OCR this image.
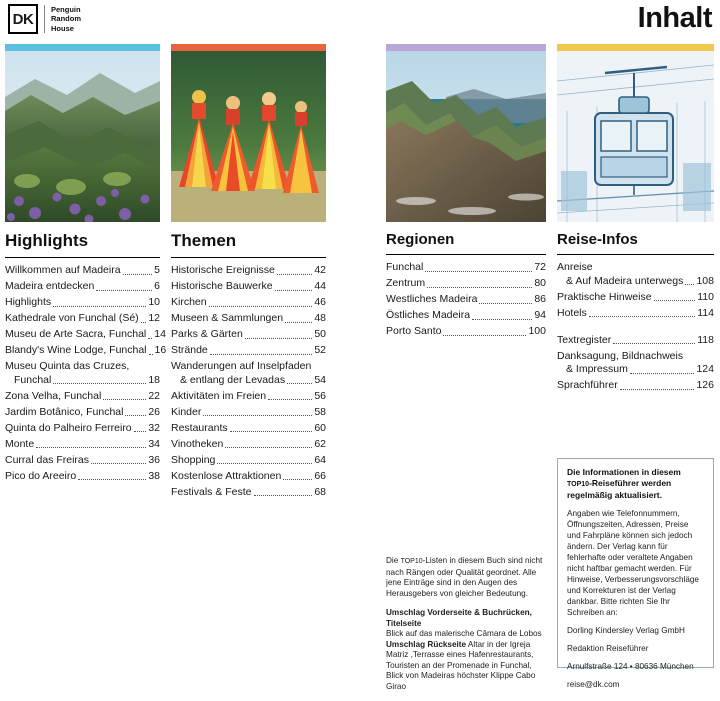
DK
Penguin
Random
House	Inhalt
Highlights
Willkommen auf Madeira	5
Madeira entdecken	6
Highlights	10
Kathedrale von Funchal (Sé) 12
Museu de Arte Sacra, Funchal 14
Blandy's Wine Lodge, Funchal 16
Museu Quinta das Cruzes,
Funchal	18
Zona Velha, Funchal	22
Jardim Botânico, Funchal 26
Quinta do Palheiro Ferreiro 32
Monte	34
Curral das Freiras	36
Pico do Areeiro	38
Themen
Historische Ereignisse	42
Historische Bauwerke	44
Kirchen	46
Museen & Sammlungen	48
Parks & Gärten	50
Strände	52
Wanderungen auf Inselpfaden
& entlang der Levadas	54
Aktivitäten im Freien	56
Kinder	58
Restaurants	60
Vinotheken	62
Shopping	64
Kostenlose Attraktionen	66
Festivals & Feste	68
Regionen
Funchal	72
Zentrum	80
Westliches Madeira	86
Östliches Madeira	94
Porto Santo	100
Reise-Infos
Anreise
& Auf Madeira unterwegs 108
Praktische Hinweise	110
Hotels	114
Textregister	118
Danksagung, Bildnachweis
& Impressum	124
Sprachführer	126

Die TOP10-Listen in diesem Buch sind nicht nach Rängen oder Qualität geordnet. Alle jene Einträge sind in den Augen des Herausgebers von gleicher Bedeutung.

Umschlag Vorderseite & Buchrücken, Titelseite
Blick auf das malerische Câmara de Lobos
Umschlag Rückseite Altar in der Igreja Matriz ,Terrasse eines Hafenrestaurants, Touristen an der Promenade in Funchal, Blick von Madeiras höchster Klippe Cabo Girao

Die Informationen in diesem TOP10-Reiseführer werden regelmäßig aktualisiert.

Angaben wie Telefonnummern, Öffnungszeiten, Adressen, Preise und Fahrpläne können sich jedoch ändern. Der Verlag kann für fehlerhafte oder veraltete Angaben nicht haftbar gemacht werden. Für Hinweise, Verbesserungsvorschläge und Korrekturen ist der Verlag dankbar. Bitte richten Sie Ihr Schreiben an:

Dorling Kindersley Verlag GmbH

Redaktion Reiseführer

Arnulfstraße 124 • 80636 München

reise@dk.com
